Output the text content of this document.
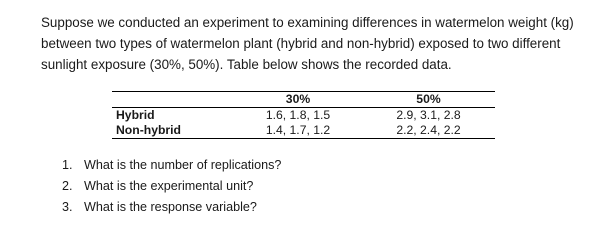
Suppose we conducted an experiment to examining differences in watermelon weight (kg)

between two types of watermelon plant (hybrid and non-hybrid) exposed to two different

sunlight exposure (30%, 50%). Table below shows the recorded data.

	30%	50%
Hybrid	1.6, 1.8, 1.5	2.9, 3.1, 2.8
Non-hybrid	1.4, 1.7, 1.2	2.2, 2.4, 2.2
1. What is the number of replications?
2. What is the experimental unit?
3. What is the response variable?
